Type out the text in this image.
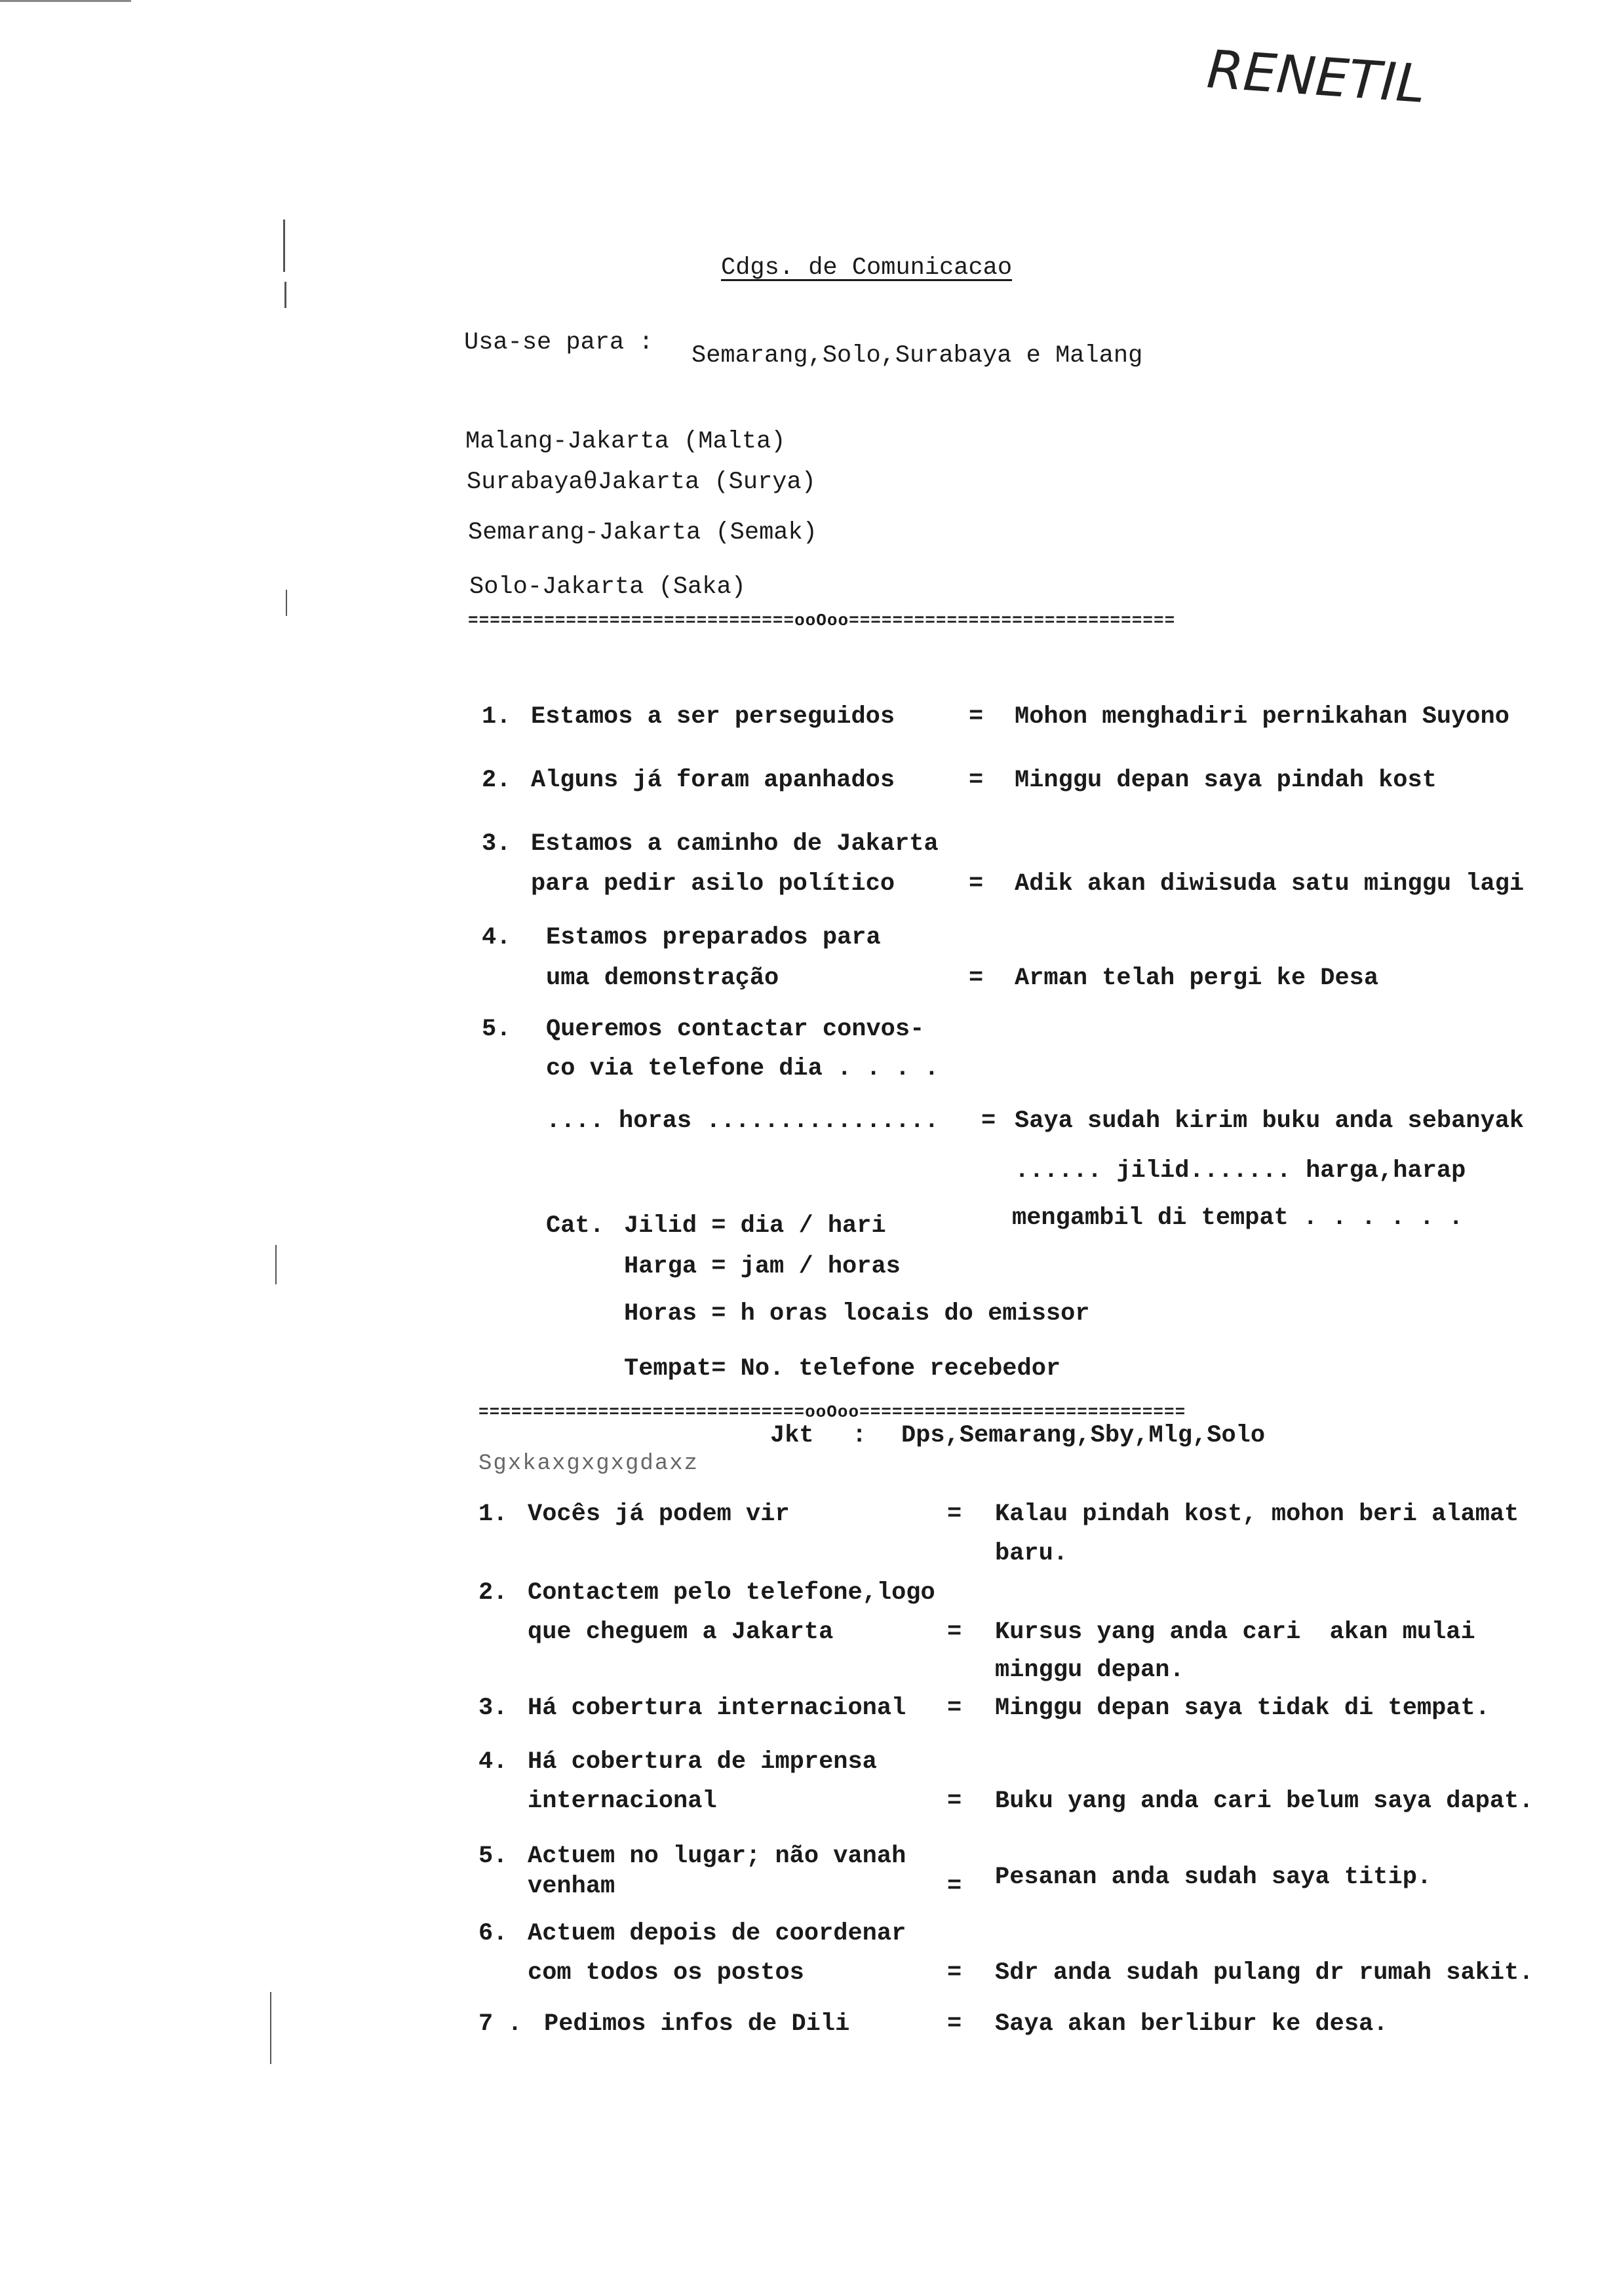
RENETIL
Cdgs. de Comunicacao
Usa-se para : Semarang,Solo,Surabaya e Malang
Malang-Jakarta (Malta)
SurabayaθJakarta (Surya)
Semarang-Jakarta (Semak)
Solo-Jakarta (Saka)
==============================ooOoo==============================
1. Estamos a ser perseguidos	= Mohon menghadiri pernikahan Suyono
2. Alguns já foram apanhados	= Minggu depan saya pindah kost
3. Estamos a caminho de Jakarta
para pedir asilo político	= Adik akan diwisuda satu minggu lagi
4. Estamos preparados para
uma demonstração	= Arman telah pergi ke Desa
5. Queremos contactar convos-
co via telefone dia . . . .
.... horas ................ = Saya sudah kirim buku anda sebanyak
...... jilid....... harga,harap
mengambil di tempat . . . . . .
Cat. Jilid = dia / hari
Harga = jam / horas
Horas = h oras locais do emissor
Tempat= No. telefone recebedor
==============================ooOoo==============================
Jkt : Dps,Semarang,Sby,Mlg,Solo
Sgxkaxgxgxgdaxz
1. Vocês já podem vir	= Kalau pindah kost, mohon beri alamat
baru.
2. Contactem pelo telefone,logo
que cheguem a Jakarta	= Kursus yang anda cari  akan mulai
minggu depan.
3. Há cobertura internacional = Minggu depan saya tidak di tempat.
4. Há cobertura de imprensa
internacional	= Buku yang anda cari belum saya dapat.
5. Actuem no lugar; não vanah
venham	= Pesanan anda sudah saya titip.
6. Actuem depois de coordenar
com todos os postos	= Sdr anda sudah pulang dr rumah sakit.
7 . Pedimos infos de Dili	= Saya akan berlibur ke desa.
